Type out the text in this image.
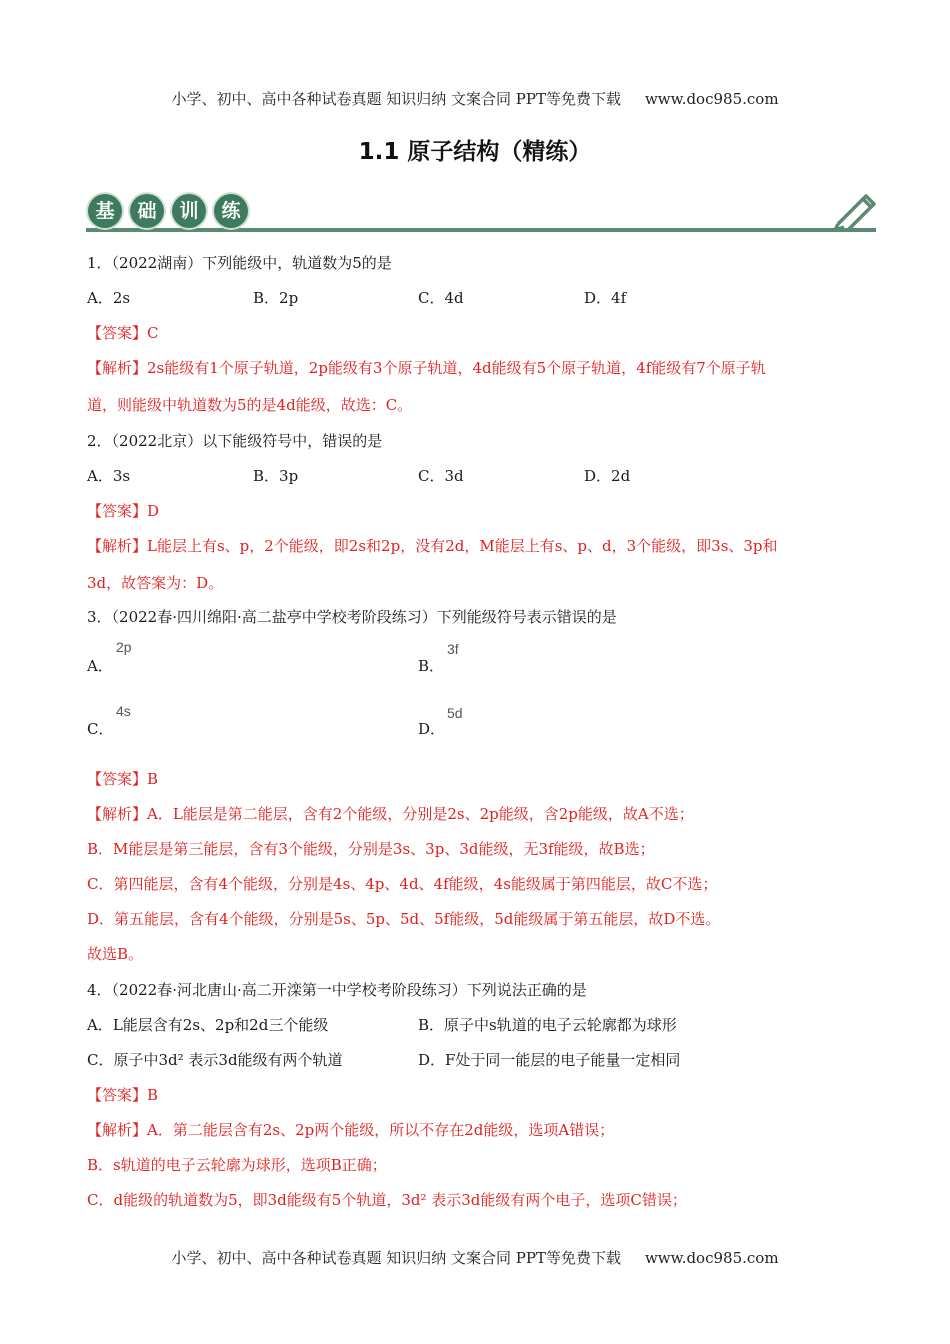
小学、初中、高中各种试卷真题 知识归纳 文案合同 PPT等免费下载 www.doc985.com
1.1 原子结构（精练）
基	础	训	练
1．（2022湖南）下列能级中，轨道数为5的是
A．2s	B．2p	C．4d	D．4f
【答案】C
【解析】2s能级有1个原子轨道，2p能级有3个原子轨道，4d能级有5个原子轨道，4f能级有7个原子轨
道，则能级中轨道数为5的是4d能级，故选：C。
2．（2022北京）以下能级符号中，错误的是
A．3s	B．3p	C．3d	D．2d
【答案】D
【解析】L能层上有s、p，2个能级，即2s和2p，没有2d，M能层上有s、p、d，3个能级，即3s、3p和
3d，故答案为：D。
3．（2022春·四川绵阳·高二盐亭中学校考阶段练习）下列能级符号表示错误的是
A．
2p
B．
3f
C．
4s
D．
5d
【答案】B
【解析】A．L能层是第二能层，含有2个能级，分别是2s、2p能级，含2p能级，故A不选；
B．M能层是第三能层，含有3个能级，分别是3s、3p、3d能级，无3f能级，故B选；
C．第四能层，含有4个能级，分别是4s、4p、4d、4f能级，4s能级属于第四能层，故C不选；
D．第五能层，含有4个能级，分别是5s、5p、5d、5f能级，5d能级属于第五能层，故D不选。
故选B。
4．（2022春·河北唐山·高二开滦第一中学校考阶段练习）下列说法正确的是
A．L能层含有2s、2p和2d三个能级	B．原子中s轨道的电子云轮廓都为球形
C．原子中3d² 表示3d能级有两个轨道	D．F处于同一能层的电子能量一定相同
【答案】B
【解析】A．第二能层含有2s、2p两个能级，所以不存在2d能级，选项A错误；
B．s轨道的电子云轮廓为球形，选项B正确；
C．d能级的轨道数为5，即3d能级有5个轨道，3d² 表示3d能级有两个电子，选项C错误；
小学、初中、高中各种试卷真题 知识归纳 文案合同 PPT等免费下载 www.doc985.com
